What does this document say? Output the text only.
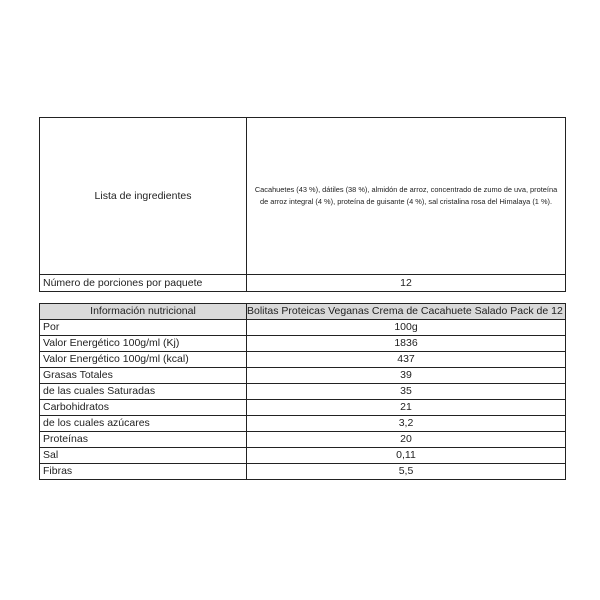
Lista de ingredientes	Cacahuetes (43 %), dátiles (38 %), almidón de arroz, concentrado de zumo de uva, proteína de arroz integral (4 %), proteína de guisante (4 %), sal cristalina rosa del Himalaya (1 %).
Número de porciones por paquete	12
Información nutricional	Bolitas Proteicas Veganas Crema de Cacahuete Salado Pack de 12
Por	100g
Valor Energético 100g/ml (Kj)	1836
Valor Energético 100g/ml (kcal)	437
Grasas Totales	39
de las cuales Saturadas	35
Carbohidratos	21
de los cuales azúcares	3,2
Proteínas	20
Sal	0,11
Fibras	5,5
